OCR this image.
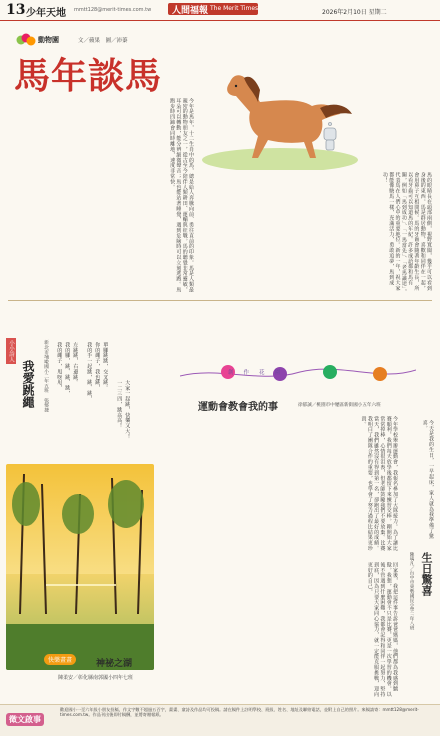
13 少年天地 mmtt128@merit-times.com.tw 人間福報 The Merit Times
2026年2月10日 星期二
動物園	文／蘋果　圖／沛蓁
馬年談馬
今年是馬年，十二生肖中的馬，總是給人奔騰向前、勇往直前的印象。馬是人類最親密的動物朋友之一，從古至今陪伴人類耕田、運輸與征戰。馬的聽覺非常靈敏，耳朵可以轉動，能分辨細微聲音；馬也能站著睡覺，遇到危險時可以立刻逃跑。馬跑步時四蹄會同時離地，速度非常快。
馬的眼睛長在頭部兩側，視野寬闊，幾乎可以看到身後的東西。馬是群居動物，喜歡和同伴在一起，會用鼻子互相問候。馬的牙齒會隨著年齡生長，所以看牙齒可以知道馬的年紀。許多成語都和馬有關，例如「馬到成功」、「一馬當先」、「老馬識途」，代表馬在人們心中的重要地位。新的一年，祝大家都能像駿馬一樣，充滿活力，勇敢追夢，馬到成功！
小小詩人
我愛跳繩	新北市埔墘國小二年五班　張郁捷 我的繩子，甩呀甩， 我的腳，跳、跳、跳， 左跳跳，右邊跳。 我的手一起跳，跳、跳， 你的繩子，我也跳， 單腳跳跳，交叉跳。
一二三四，跳高高！ 大家一起跳，快樂又大！
快樂畫畫	神祕之湖
陳柔安／彰化縣南郭國小四年七班
創作花園
運動會教會我的事	徐郁誠／桃園市中壢區新街國小五年六班
今年學校舉辦運動會，我報名參加了大隊接力。為了讓比賽順利，我們每天放學後都留下來練習交棒。剛開始大家常常掉棒，心情很沮喪，但老師鼓勵我們不要放棄。比賽當天，我們雖然沒有得到第一名，卻跑出了最好的成績。我明白了團隊合作的重要，也學會了努力過程比結果更珍貴。
回家後，我把這件事告訴爸爸媽媽，他們都為我感到驕傲。我想，運動會不只是比賽，更是一次學習的機會。以後不管遇到什麼困難，我都會記得和同伴一起努力，堅持到底，因為只要大家同心協力，就一定能克服挑戰，迎向更好的自己。	生日驚喜
陳瑀凡／台中市東勢國民小學三年八班
今天是我的生日，一早起床，家人就為我準備了驚喜。
徵文啟事
歡迎國小一至六年級小朋友投稿，作文字數不超過五百字，畫畫、童詩及作品均可投稿。請在稿件上註明學校、班級、姓名、地址及聯絡電話，並附上自己的照片。來稿請寄：mmtt128@merit-times.com.tw。作品刊出後即付稿酬，並將寄贈報紙。
